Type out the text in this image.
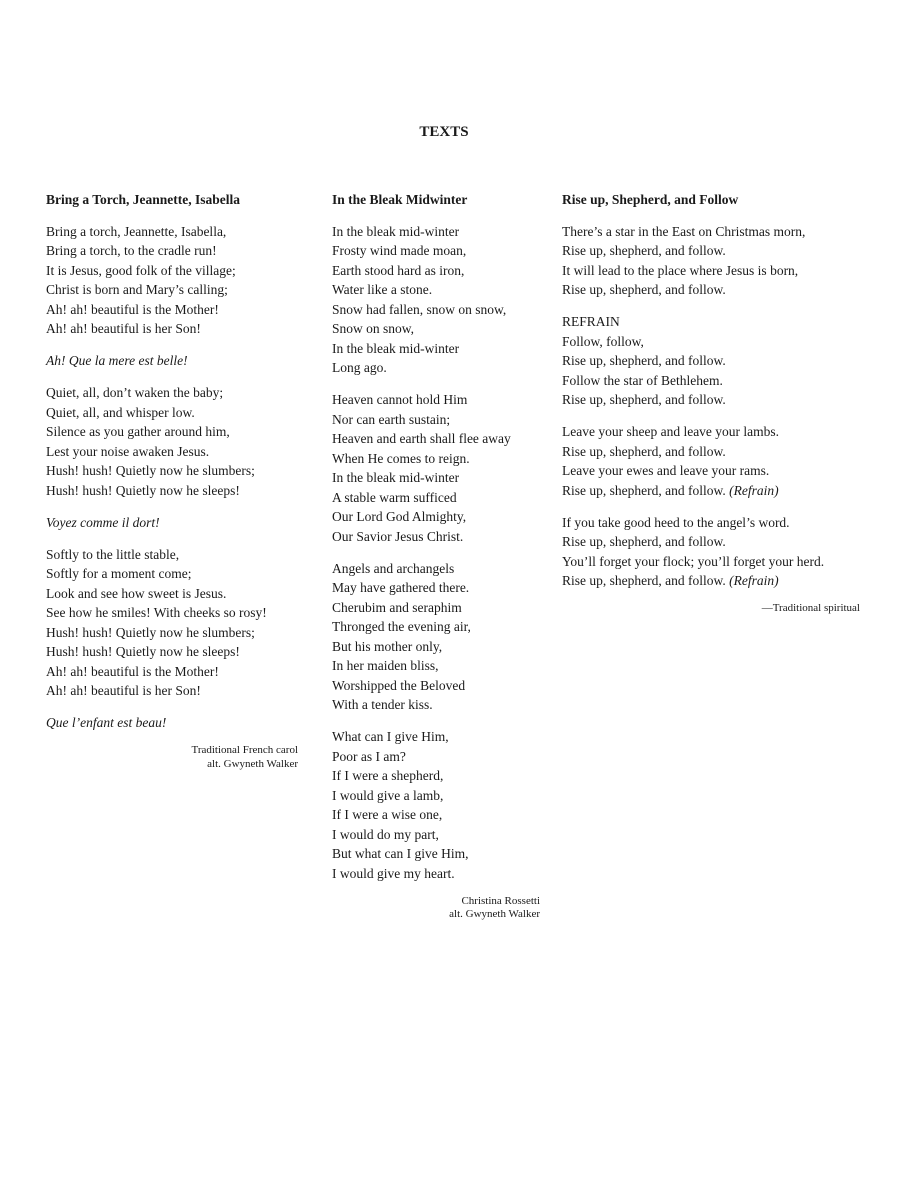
TEXTS
Bring a Torch, Jeannette, Isabella
Bring a torch, Jeannette, Isabella,
Bring a torch, to the cradle run!
It is Jesus, good folk of the village;
Christ is born and Mary’s calling;
Ah! ah! beautiful is the Mother!
Ah! ah! beautiful is her Son!
Ah! Que la mere est belle!
Quiet, all, don’t waken the baby;
Quiet, all, and whisper low.
Silence as you gather around him,
Lest your noise awaken Jesus.
Hush! hush! Quietly now he slumbers;
Hush! hush! Quietly now he sleeps!
Voyez comme il dort!
Softly to the little stable,
Softly for a moment come;
Look and see how sweet is Jesus.
See how he smiles! With cheeks so rosy!
Hush! hush! Quietly now he slumbers;
Hush! hush! Quietly now he sleeps!
Ah! ah! beautiful is the Mother!
Ah! ah! beautiful is her Son!
Que l’enfant est beau!
Traditional French carol
alt. Gwyneth Walker
In the Bleak Midwinter
In the bleak mid-winter
Frosty wind made moan,
Earth stood hard as iron,
Water like a stone.
Snow had fallen, snow on snow,
Snow on snow,
In the bleak mid-winter
Long ago.
Heaven cannot hold Him
Nor can earth sustain;
Heaven and earth shall flee away
When He comes to reign.
In the bleak mid-winter
A stable warm sufficed
Our Lord God Almighty,
Our Savior Jesus Christ.
Angels and archangels
May have gathered there.
Cherubim and seraphim
Thronged the evening air,
But his mother only,
In her maiden bliss,
Worshipped the Beloved
With a tender kiss.
What can I give Him,
Poor as I am?
If I were a shepherd,
I would give a lamb,
If I were a wise one,
I would do my part,
But what can I give Him,
I would give my heart.
Christina Rossetti
alt. Gwyneth Walker
Rise up, Shepherd, and Follow
There’s a star in the East on Christmas morn,
Rise up, shepherd, and follow.
It will lead to the place where Jesus is born,
Rise up, shepherd, and follow.
REFRAIN
Follow, follow,
Rise up, shepherd, and follow.
Follow the star of Bethlehem.
Rise up, shepherd, and follow.
Leave your sheep and leave your lambs.
Rise up, shepherd, and follow.
Leave your ewes and leave your rams.
Rise up, shepherd, and follow. (Refrain)
If you take good heed to the angel’s word.
Rise up, shepherd, and follow.
You’ll forget your flock; you’ll forget your herd.
Rise up, shepherd, and follow. (Refrain)
—Traditional spiritual
